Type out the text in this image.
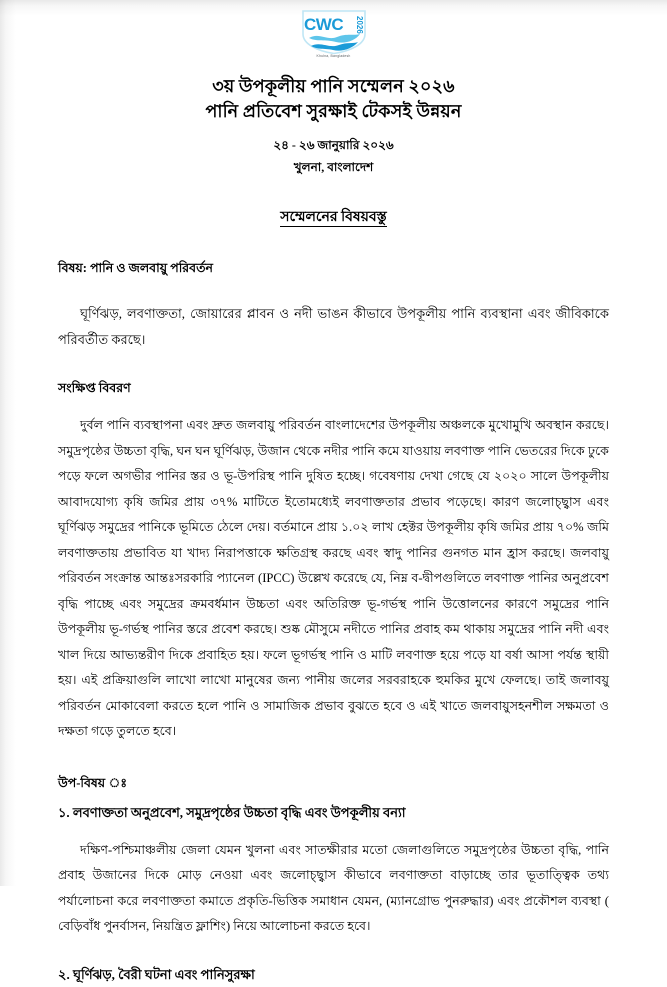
CWC 2026
Khulna, Bangladesh
৩য় উপকূলীয় পানি সম্মেলন ২০২৬
পানি প্রতিবেশ সুরক্ষাই টেকসই উন্নয়ন
২৪ - ২৬ জানুয়ারি ২০২৬
খুলনা, বাংলাদেশ
সম্মেলনের বিষয়বস্তু
বিষয়: পানি ও জলবায়ু পরিবর্তন
ঘূর্ণিঝড়, লবণাক্ততা, জোয়ারের প্লাবন ও নদী ভাঙন কীভাবে উপকূলীয় পানি ব্যবস্থানা এবং জীবিকাকে পরিবর্তীত করছে।
সংক্ষিপ্ত বিবরণ
দুর্বল পানি ব্যবস্থাপনা এবং দ্রুত জলবায়ু পরিবর্তন বাংলাদেশের উপকূলীয় অঞ্চলকে মুখোমুখি অবস্থান করছে। সমুদ্রপৃষ্ঠের উচ্চতা বৃদ্ধি, ঘন ঘন ঘূর্ণিঝড়, উজান থেকে নদীর পানি কমে যাওয়ায় লবণাক্ত পানি ভেতরের দিকে ঢুকে পড়ে ফলে অগভীর পানির স্তর ও ভূ-উপরিস্থ পানি দুষিত হচ্ছে। গবেষণায় দেখা গেছে যে ২০২০ সালে উপকূলীয় আবাদযোগ্য কৃষি জমির প্রায় ৩৭% মাটিতে ইতোমধ্যেই লবণাক্ততার প্রভাব পড়েছে। কারণ জলোচ্ছ্বাস এবং ঘূর্ণিঝড় সমুদ্রের পানিকে ভূমিতে ঠেলে দেয়। বর্তমানে প্রায় ১.০২ লাখ হেক্টর উপকূলীয় কৃষি জমির প্রায় ৭০% জমি লবণাক্ততায় প্রভাবিত যা খাদ্য নিরাপত্তাকে ক্ষতিগ্রস্থ করছে এবং স্বাদু পানির গুনগত মান হ্রাস করছে। জলবায়ু পরিবর্তন সংক্রান্ত আন্তঃসরকারি প্যানেল (IPCC) উল্লেখ করেছে যে, নিম্ন ব-দ্বীপগুলিতে লবণাক্ত পানির অনুপ্রবেশ বৃদ্ধি পাচ্ছে এবং সমুদ্রের ক্রমবর্ধমান উচ্চতা এবং অতিরিক্ত ভূ-গর্ভস্থ পানি উত্তোলনের কারণে সমুদ্রের পানি উপকূলীয় ভূ-গর্ভস্থ পানির স্তরে প্রবেশ করছে। শুষ্ক মৌসুমে নদীতে পানির প্রবাহ কম থাকায় সমুদ্রের পানি নদী এবং খাল দিয়ে আভ্যন্তরীণ দিকে প্রবাহিত হয়। ফলে ভূগর্ভস্থ পানি ও মাটি লবণাক্ত হয়ে পড়ে যা বর্ষা আসা পর্যন্ত স্থায়ী হয়। এই প্রক্রিয়াগুলি লাখো লাখো মানুষের জন্য পানীয় জলের সরবরাহকে হুমকির মুখে ফেলছে। তাই জলাবয়ু পরিবর্তন মোকাবেলা করতে হলে পানি ও সামাজিক প্রভাব বুঝতে হবে ও এই খাতে জলবায়ুসহনশীল সক্ষমতা ও দক্ষতা গড়ে তুলতে হবে।
উপ-বিষয় ঃ
১. লবণাক্ততা অনুপ্রবেশ, সমুদ্রপৃষ্ঠের উচ্চতা বৃদ্ধি এবং উপকূলীয় বন্যা
দক্ষিণ-পশ্চিমাঞ্চলীয় জেলা যেমন খুলনা এবং সাতক্ষীরার মতো জেলাগুলিতে সমুদ্রপৃষ্ঠের উচ্চতা বৃদ্ধি, পানি প্রবাহ উজানের দিকে মোড় নেওয়া এবং জলোচ্ছ্বাস কীভাবে লবণাক্ততা বাড়াচ্ছে তার ভূতাত্ত্বিক তথ্য পর্যালোচনা করে লবণাক্ততা কমাতে প্রকৃতি-ভিত্তিক সমাধান যেমন, (ম্যানগ্রোভ পুনরুদ্ধার) এবং প্রকৌশল ব্যবস্থা ( বেড়িবাঁধ পুনর্বাসন, নিয়ন্ত্রিত ফ্লাশিং) নিয়ে আলোচনা করতে হবে।
২. ঘূর্ণিঝড়, বৈরী ঘটনা এবং পানিসুরক্ষা
